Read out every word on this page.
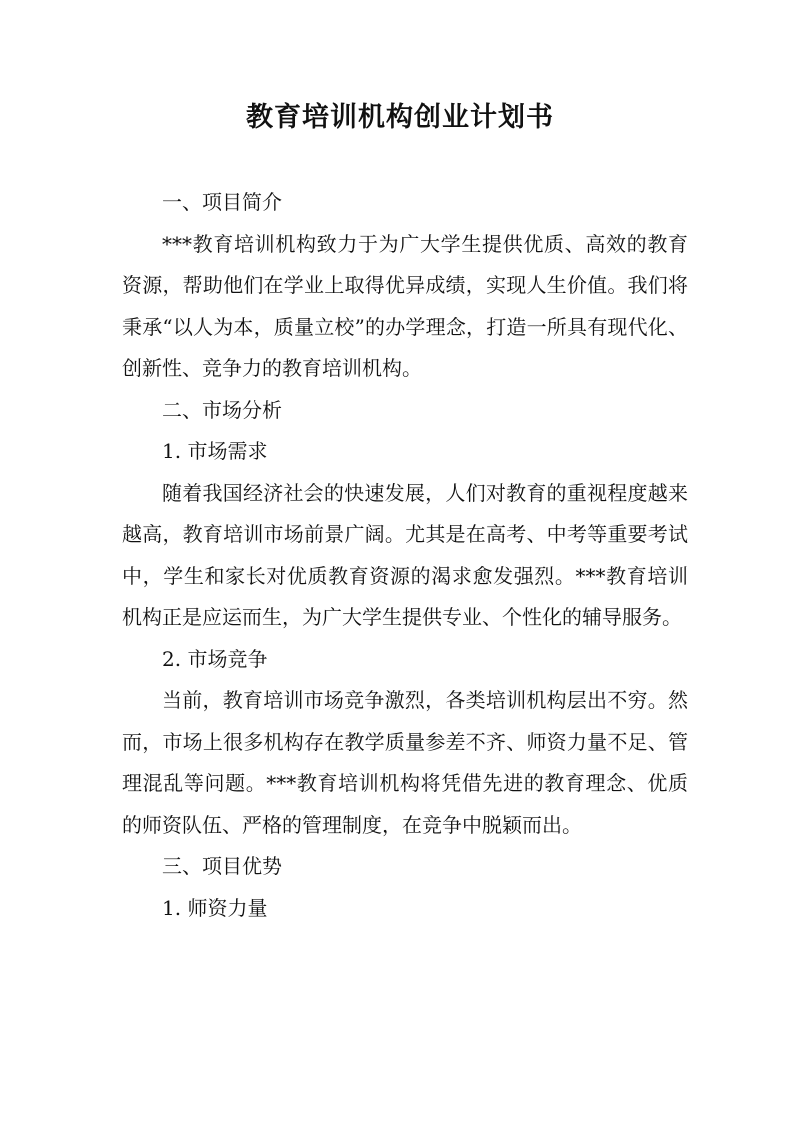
教育培训机构创业计划书

一、项目简介

***教育培训机构致力于为广大学生提供优质、高效的教育资源，帮助他们在学业上取得优异成绩，实现人生价值。我们将秉承“以人为本，质量立校”的办学理念，打造一所具有现代化、创新性、竞争力的教育培训机构。

二、市场分析

1. 市场需求

随着我国经济社会的快速发展，人们对教育的重视程度越来越高，教育培训市场前景广阔。尤其是在高考、中考等重要考试中，学生和家长对优质教育资源的渴求愈发强烈。***教育培训机构正是应运而生，为广大学生提供专业、个性化的辅导服务。

2. 市场竞争

当前，教育培训市场竞争激烈，各类培训机构层出不穷。然而，市场上很多机构存在教学质量参差不齐、师资力量不足、管理混乱等问题。***教育培训机构将凭借先进的教育理念、优质的师资队伍、严格的管理制度，在竞争中脱颖而出。

三、项目优势

1. 师资力量
